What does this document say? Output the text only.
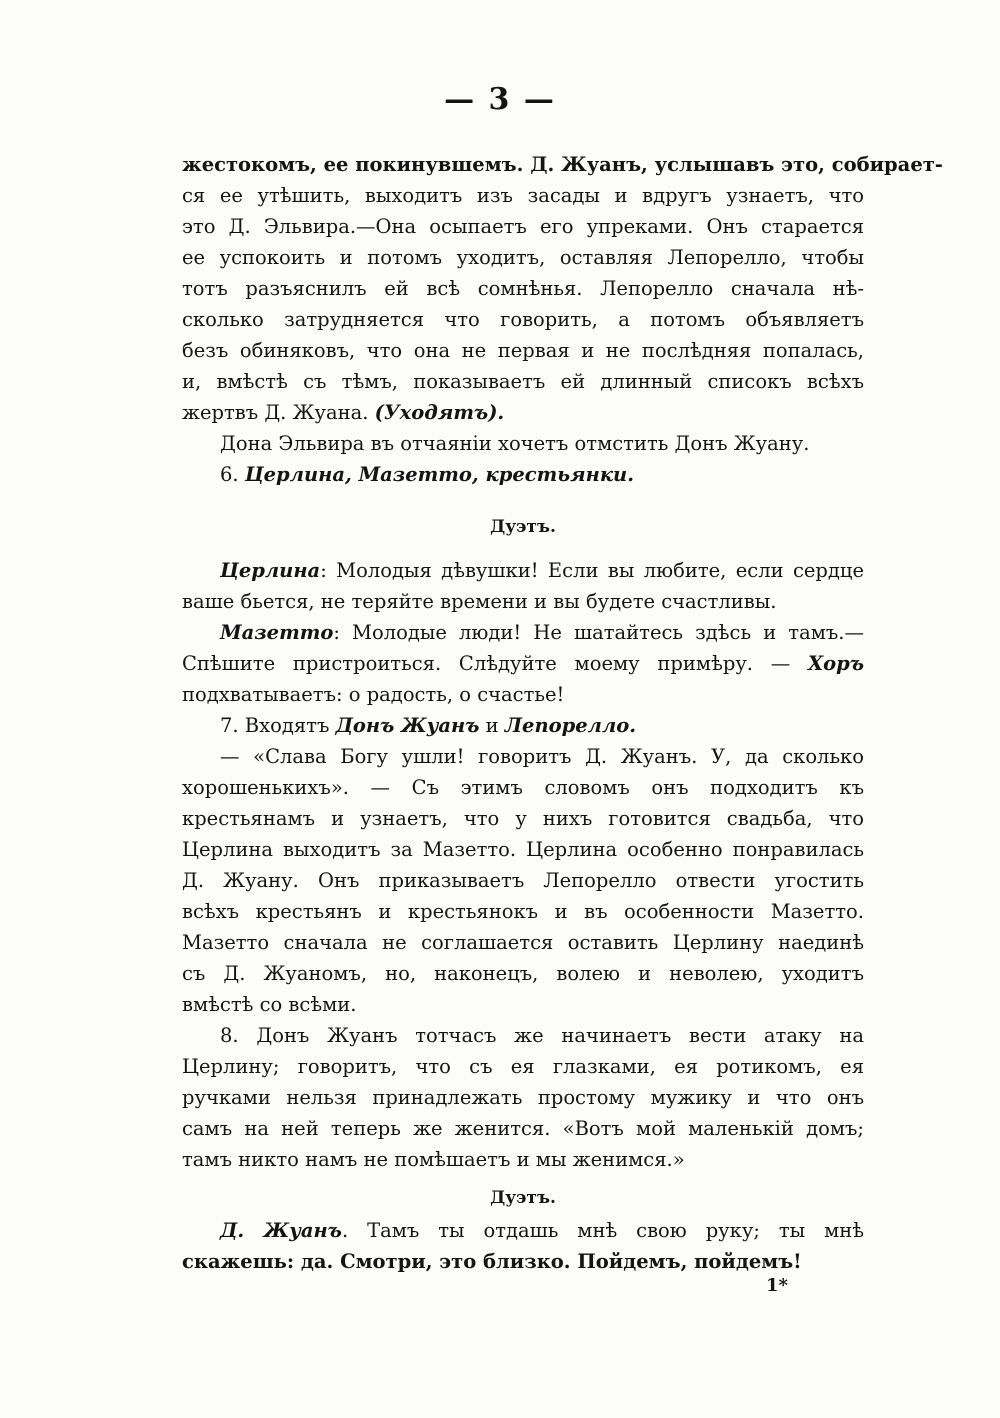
— 3 —
жестокомъ, ее покинувшемъ. Д. Жуанъ, услышавъ это, собирает-
ся ее утѣшить, выходитъ изъ засады и вдругъ узнаетъ, что
это Д. Эльвира.—Она осыпаетъ его упреками. Онъ старается
ее успокоить и потомъ уходитъ, оставляя Лепорелло, чтобы
тотъ разъяснилъ ей всѣ сомнѣнья. Лепорелло сначала нѣ-
сколько затрудняется что говорить, а потомъ объявляетъ
безъ обиняковъ, что она не первая и не послѣдняя попалась,
и, вмѣстѣ съ тѣмъ, показываетъ ей длинный списокъ всѣхъ
жертвъ Д. Жуана. (Уходятъ).
Дона Эльвира въ отчаяніи хочетъ отмстить Донъ Жуану.
6. Церлина, Мазетто, крестьянки.
Дуэтъ.
Церлина: Молодыя дѣвушки! Если вы любите, если сердце
ваше бьется, не теряйте времени и вы будете счастливы.
Мазетто: Молодые люди! Не шатайтесь здѣсь и тамъ.—
Спѣшите пристроиться. Слѣдуйте моему примѣру. — Хоръ
подхватываетъ: о радость, о счастье!
7. Входятъ Донъ Жуанъ и Лепорелло.
— «Слава Богу ушли! говоритъ Д. Жуанъ. У, да сколько
хорошенькихъ». — Съ этимъ словомъ онъ подходитъ къ
крестьянамъ и узнаетъ, что у нихъ готовится свадьба, что
Церлина выходитъ за Мазетто. Церлина особенно понравилась
Д. Жуану. Онъ приказываетъ Лепорелло отвести угостить
всѣхъ крестьянъ и крестьянокъ и въ особенности Мазетто.
Мазетто сначала не соглашается оставить Церлину наединѣ
съ Д. Жуаномъ, но, наконецъ, волею и неволею, уходитъ
вмѣстѣ со всѣми.
8. Донъ Жуанъ тотчасъ же начинаетъ вести атаку на
Церлину; говоритъ, что съ ея глазками, ея ротикомъ, ея
ручками нельзя принадлежать простому мужику и что онъ
самъ на ней теперь же женится. «Вотъ мой маленькій домъ;
тамъ никто намъ не помѣшаетъ и мы женимся.»
Дуэтъ.
Д. Жуанъ. Тамъ ты отдашь мнѣ свою руку; ты мнѣ
скажешь: да. Смотри, это близко. Пойдемъ, пойдемъ!
1*
